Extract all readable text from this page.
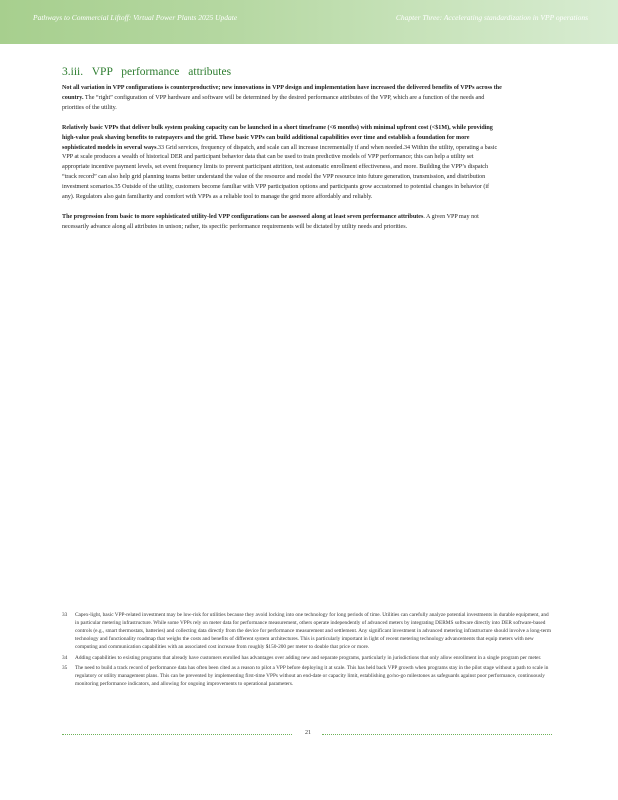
Pathways to Commercial Liftoff: Virtual Power Plants 2025 Update	Chapter Three: Accelerating standardization in VPP operations
3.iii. VPP performance attributes

Not all variation in VPP configurations is counterproductive; new innovations in VPP design and implementation have increased the delivered benefits of VPPs across the country. The “right” configuration of VPP hardware and software will be determined by the desired performance attributes of the VPP, which are a function of the needs and priorities of the utility.

Relatively basic VPPs that deliver bulk system peaking capacity can be launched in a short timeframe (<6 months) with minimal upfront cost (<$1M), while providing high-value peak shaving benefits to ratepayers and the grid. These basic VPPs can build additional capabilities over time and establish a foundation for more sophisticated models in several ways.33 Grid services, frequency of dispatch, and scale can all increase incrementally if and when needed.34 Within the utility, operating a basic VPP at scale produces a wealth of historical DER and participant behavior data that can be used to train predictive models of VPP performance; this can help a utility set appropriate incentive payment levels, set event frequency limits to prevent participant attrition, test automatic enrollment effectiveness, and more. Building the VPP’s dispatch “track record” can also help grid planning teams better understand the value of the resource and model the VPP resource into future generation, transmission, and distribution investment scenarios.35 Outside of the utility, customers become familiar with VPP participation options and participants grow accustomed to potential changes in behavior (if any). Regulators also gain familiarity and comfort with VPPs as a reliable tool to manage the grid more affordably and reliably.

The progression from basic to more sophisticated utility-led VPP configurations can be assessed along at least seven performance attributes. A given VPP may not necessarily advance along all attributes in unison; rather, its specific performance requirements will be dictated by utility needs and priorities.

33 Capex-light, basic VPP-related investment may be low-risk for utilities because they avoid locking into one technology for long periods of time. Utilities can carefully analyze potential investments in durable equipment, and in particular metering infrastructure. While some VPPs rely on meter data for performance measurement, others operate independently of advanced meters by integrating DERMS software directly into DER software-based controls (e.g., smart thermostats, batteries) and collecting data directly from the device for performance measurement and settlement. Any significant investment in advanced metering infrastructure should involve a long-term technology and functionality roadmap that weighs the costs and benefits of different system architectures. This is particularly important in light of recent metering technology advancements that equip meters with new computing and communication capabilities with an associated cost increase from roughly $150-200 per meter to double that price or more.
34 Adding capabilities to existing programs that already have customers enrolled has advantages over adding new and separate programs, particularly in jurisdictions that only allow enrollment in a single program per meter.
35 The need to build a track record of performance data has often been cited as a reason to pilot a VPP before deploying it at scale. This has held back VPP growth when programs stay in the pilot stage without a path to scale in regulatory or utility management plans. This can be prevented by implementing first-time VPPs without an end-date or capacity limit, establishing go/no-go milestones as safeguards against poor performance, continuously monitoring performance indicators, and allowing for ongoing improvements to operational parameters.
21
